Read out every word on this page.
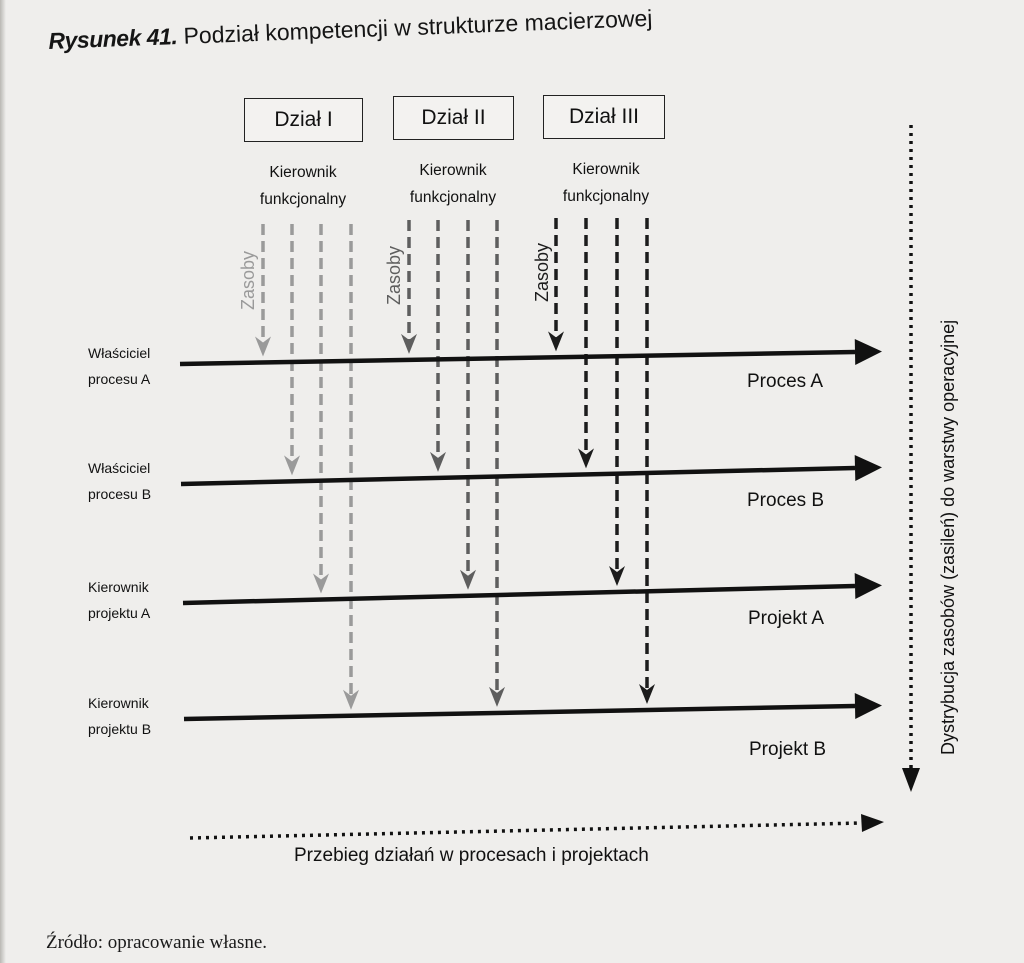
Rysunek 41. Podział kompetencji w strukturze macierzowej
Dział I	Dział II	Dział III
Kierownik
funkcjonalny
Kierownik
funkcjonalny
Kierownik
funkcjonalny
Zasoby	Zasoby	Zasoby
Właściciel
procesu A
Właściciel
procesu B
Kierownik
projektu A
Kierownik
projektu B
Proces A
Proces B
Projekt A
Projekt B	Dystrybucja zasobów (zasileń) do warstwy operacyjnej
Przebieg działań w procesach i projektach
Źródło: opracowanie własne.
